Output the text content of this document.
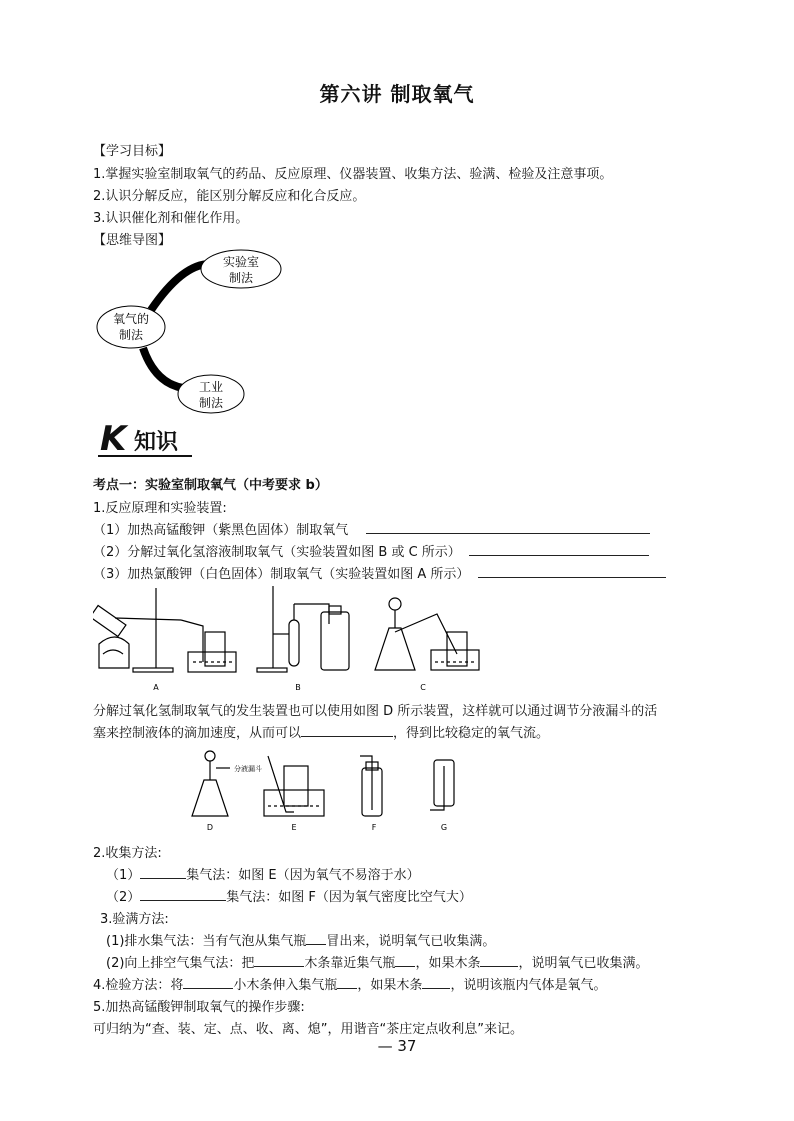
第六讲 制取氧气
【学习目标】
1.掌握实验室制取氧气的药品、反应原理、仪器装置、收集方法、验满、检验及注意事项。
2.认识分解反应，能区别分解反应和化合反应。
3.认识催化剂和催化作用。
【思维导图】
氧气的
制法
实验室
制法
工业
制法
K 知识
考点一：实验室制取氧气（中考要求 b）
1.反应原理和实验装置:
（1）加热高锰酸钾（紫黑色固体）制取氧气
（2）分解过氧化氢溶液制取氧气（实验装置如图 B 或 C 所示）
（3）加热氯酸钾（白色固体）制取氧气（实验装置如图 A 所示）
A	B	C
分解过氧化氢制取氧气的发生装置也可以使用如图 D 所示装置，这样就可以通过调节分液漏斗的活
塞来控制液体的滴加速度，从而可以	，得到比较稳定的氧气流。
分液漏斗
D	E	F	G
2.收集方法:
（1）	集气法：如图 E（因为氧气不易溶于水）
（2）	集气法：如图 F（因为氧气密度比空气大）
3.验满方法:
(1)排水集气法：当有气泡从集气瓶 冒出来，说明氧气已收集满。
(2)向上排空气集气法：把	木条靠近集气瓶 ，如果木条	，说明氧气已收集满。
4.检验方法：将	小木条伸入集气瓶 ，如果木条 ，说明该瓶内气体是氧气。
5.加热高锰酸钾制取氧气的操作步骤:
可归纳为“查、装、定、点、收、离、熄”，用谐音“茶庄定点收利息”来记。
— 37
